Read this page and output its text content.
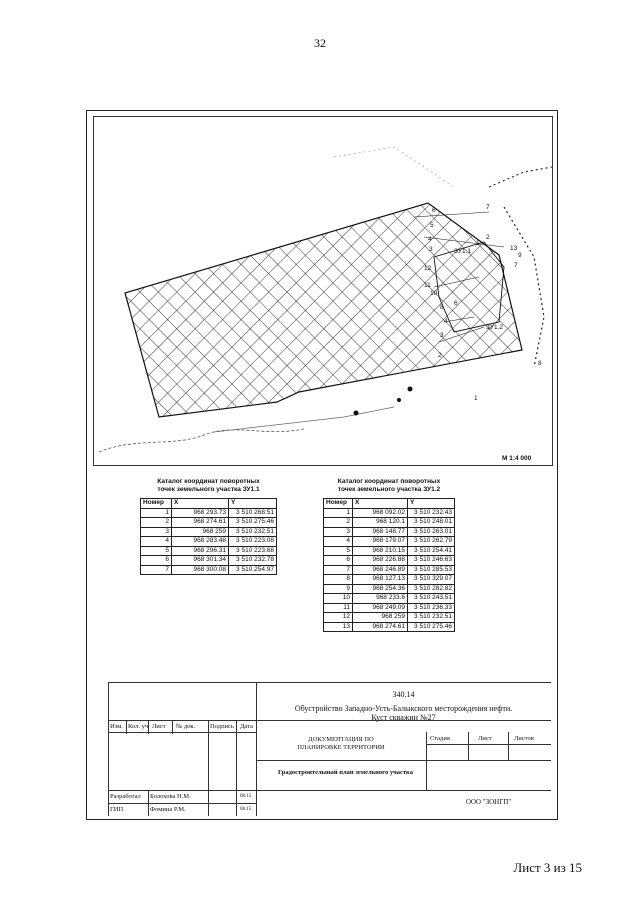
32
6
5
4
3
7
1
2
13
9
7
12
11
10
8
6
4
3
2
1
8
ЗУ1.1
ЗУ1.2
М 1:4 000
Каталог координат поворотных
точек земельного участка ЗУ1.1
Номер	X	Y
1	968 293.73	3 510 268.51
2	968 274.61	3 510 275.46
3	968 259	3 510 232.51
4	968 283.48	3 510 223.08
5	968 296.31	3 510 223.68
6	968 301.34	3 510 232.78
7	968 300.08	3 510 254.97
Каталог координат поворотных
точек земельного участка ЗУ1.2
Номер	X	Y
1	968 092.02	3 510 232.43
2	968 120.1	3 510 248.01
3	968 148.77	3 510 263.01
4	968 179.07	3 510 262.79
5	968 210.15	3 510 254.41
6	968 226.88	3 510 246.63
7	968 246.89	3 510 285.53
8	968 127.13	3 510 329.07
9	968 254.36	3 510 282.82
10	968 233.6	3 510 243.51
11	968 249.09	3 510 236.33
12	968 259	3 510 232.51
13	968 274.61	3 510 275.46
340.14
Обустройство Западно-Усть-Балыкского месторождения нефти.
Куст скважин №27
Изм. Кол. уч Лист № док. Подпись Дата
ДОКУМЕНТАЦИЯ ПО
ПЛАНИРОВКЕ ТЕРРИТОРИИ
Градостроительный план земельного участка
Стадия	Лист	Листов
Разработал Болохова Н.М.	08.15
ГИП	Фомина Р.М.	08.15
ООО "ЗОНГП"
Лист 3 из 15
